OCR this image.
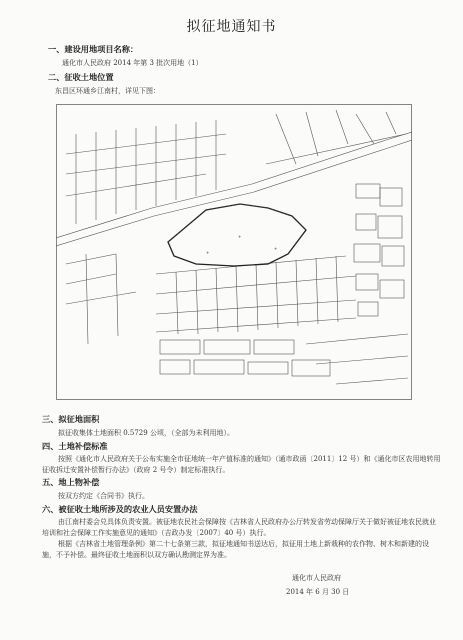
拟征地通知书
一、建设用地项目名称：
通化市人民政府 2014 年第 3 批次用地（1）
二、征收土地位置
东昌区环通乡江南村，详见下图：
+
+
+
三、拟征地面积
拟征收集体土地面积 0.5729 公顷，（全部为未利用地）。
四、土地补偿标准
按照《通化市人民政府关于公布实施全市征地统一年产值标准的通知》（通市政函〔2011〕12 号）和《通化市区农用地转用征收拆迁安置补偿暂行办法》（政府 2 号令）制定标准执行。
五、地上物补偿
按双方约定《合同书》执行。
六、被征收土地所涉及的农业人员安置办法
由江南村委会兑具体负责安置。被征地农民社会保障按《吉林省人民政府办公厅转发省劳动保障厅关于做好被征地农民就业培训和社会保障工作实施意见的通知》（吉政办发〔2007〕40 号）执行。
根据《吉林省土地管理条例》第二十七条第三款，拟征地通知书送达后，拟征用土地上新栽种的农作物、树木和新建的设施，不予补偿。最终征收土地面积以双方确认勘测定界为准。
通化市人民政府
2014 年 6 月 30 日
